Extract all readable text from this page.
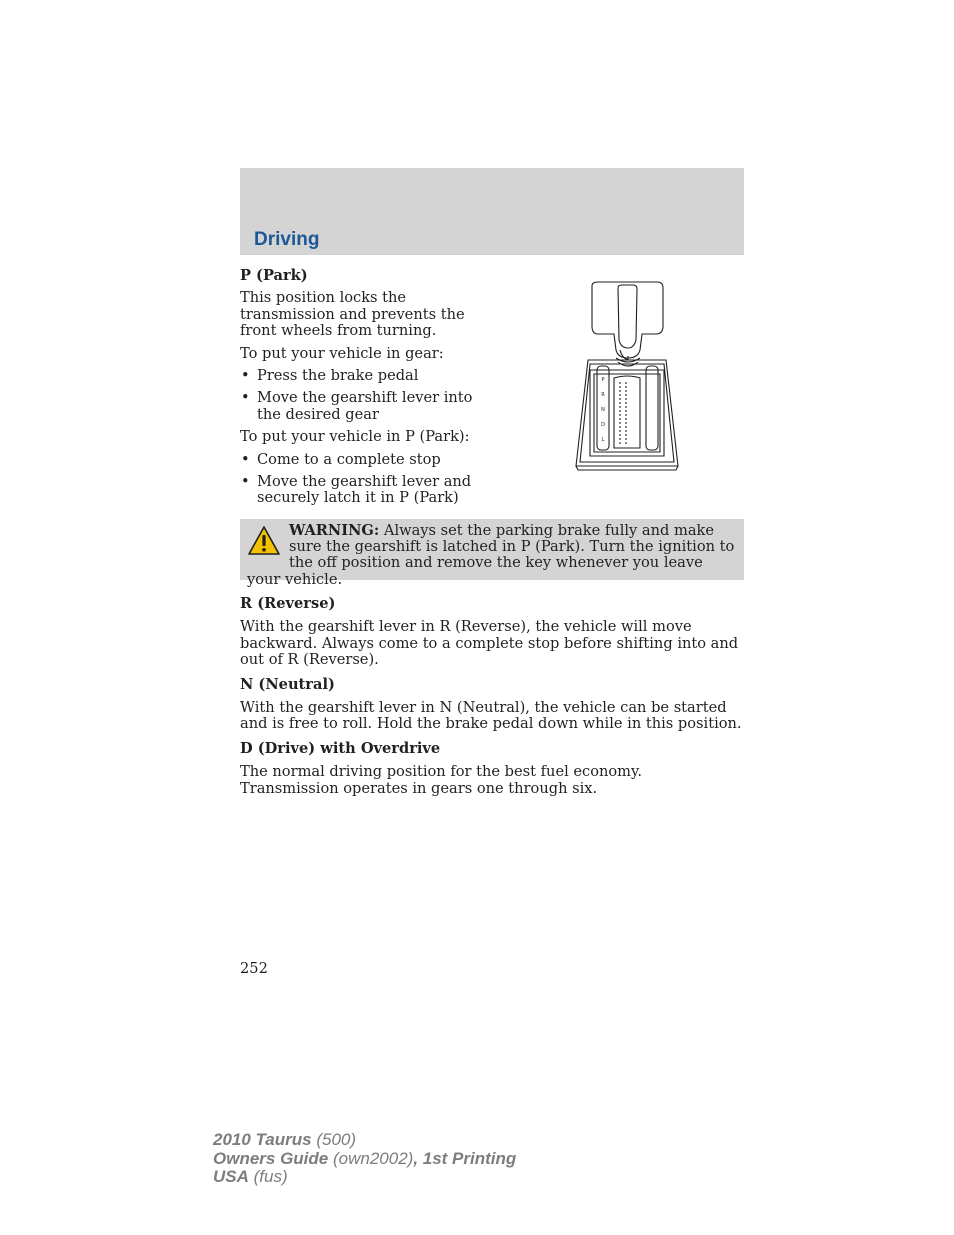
Driving
P (Park)

This position locks the transmission and prevents the front wheels from turning.

To put your vehicle in gear:

• Press the brake pedal
• Move the gearshift lever into the desired gear

To put your vehicle in P (Park):

• Come to a complete stop
• Move the gearshift lever and securely latch it in P (Park)
P
R
N
D
L
WARNING: Always set the parking brake fully and make sure the gearshift is latched in P (Park). Turn the ignition to the off position and remove the key whenever you leave your vehicle.
R (Reverse)

With the gearshift lever in R (Reverse), the vehicle will move backward. Always come to a complete stop before shifting into and out of R (Reverse).

N (Neutral)

With the gearshift lever in N (Neutral), the vehicle can be started and is free to roll. Hold the brake pedal down while in this position.

D (Drive) with Overdrive

The normal driving position for the best fuel economy. Transmission operates in gears one through six.

252
2010 Taurus (500)
Owners Guide (own2002), 1st Printing
USA (fus)
